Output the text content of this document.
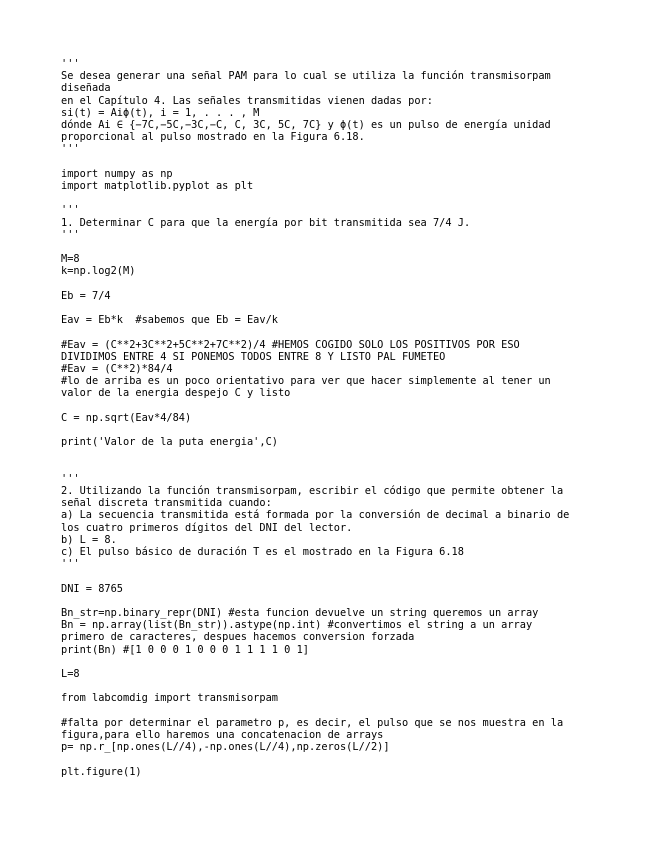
'''
Se desea generar una señal PAM para lo cual se utiliza la función transmisorpam
diseñada
en el Capítulo 4. Las señales transmitidas vienen dadas por:
si(t) = Aiϕ(t), i = 1, . . . , M
dónde Ai ∈ {−7C,−5C,−3C,−C, C, 3C, 5C, 7C} y ϕ(t) es un pulso de energía unidad
proporcional al pulso mostrado en la Figura 6.18.
'''
import numpy as np
import matplotlib.pyplot as plt
'''
1. Determinar C para que la energía por bit transmitida sea 7/4 J.
'''
M=8
k=np.log2(M)
Eb = 7/4
Eav = Eb*k  #sabemos que Eb = Eav/k
#Eav = (C**2+3C**2+5C**2+7C**2)/4 #HEMOS COGIDO SOLO LOS POSITIVOS POR ESO
DIVIDIMOS ENTRE 4 SI PONEMOS TODOS ENTRE 8 Y LISTO PAL FUMETEO
#Eav = (C**2)*84/4
#lo de arriba es un poco orientativo para ver que hacer simplemente al tener un
valor de la energia despejo C y listo
C = np.sqrt(Eav*4/84)
print('Valor de la puta energia',C)
'''
2. Utilizando la función transmisorpam, escribir el código que permite obtener la
señal discreta transmitida cuando:
a) La secuencia transmitida está formada por la conversión de decimal a binario de
los cuatro primeros dígitos del DNI del lector.
b) L = 8.
c) El pulso básico de duración T es el mostrado en la Figura 6.18
'''
DNI = 8765
Bn_str=np.binary_repr(DNI) #esta funcion devuelve un string queremos un array
Bn = np.array(list(Bn_str)).astype(np.int) #convertimos el string a un array
primero de caracteres, despues hacemos conversion forzada
print(Bn) #[1 0 0 0 1 0 0 0 1 1 1 1 0 1]
L=8
from labcomdig import transmisorpam
#falta por determinar el parametro p, es decir, el pulso que se nos muestra en la
figura,para ello haremos una concatenacion de arrays
p= np.r_[np.ones(L//4),-np.ones(L//4),np.zeros(L//2)]
plt.figure(1)
